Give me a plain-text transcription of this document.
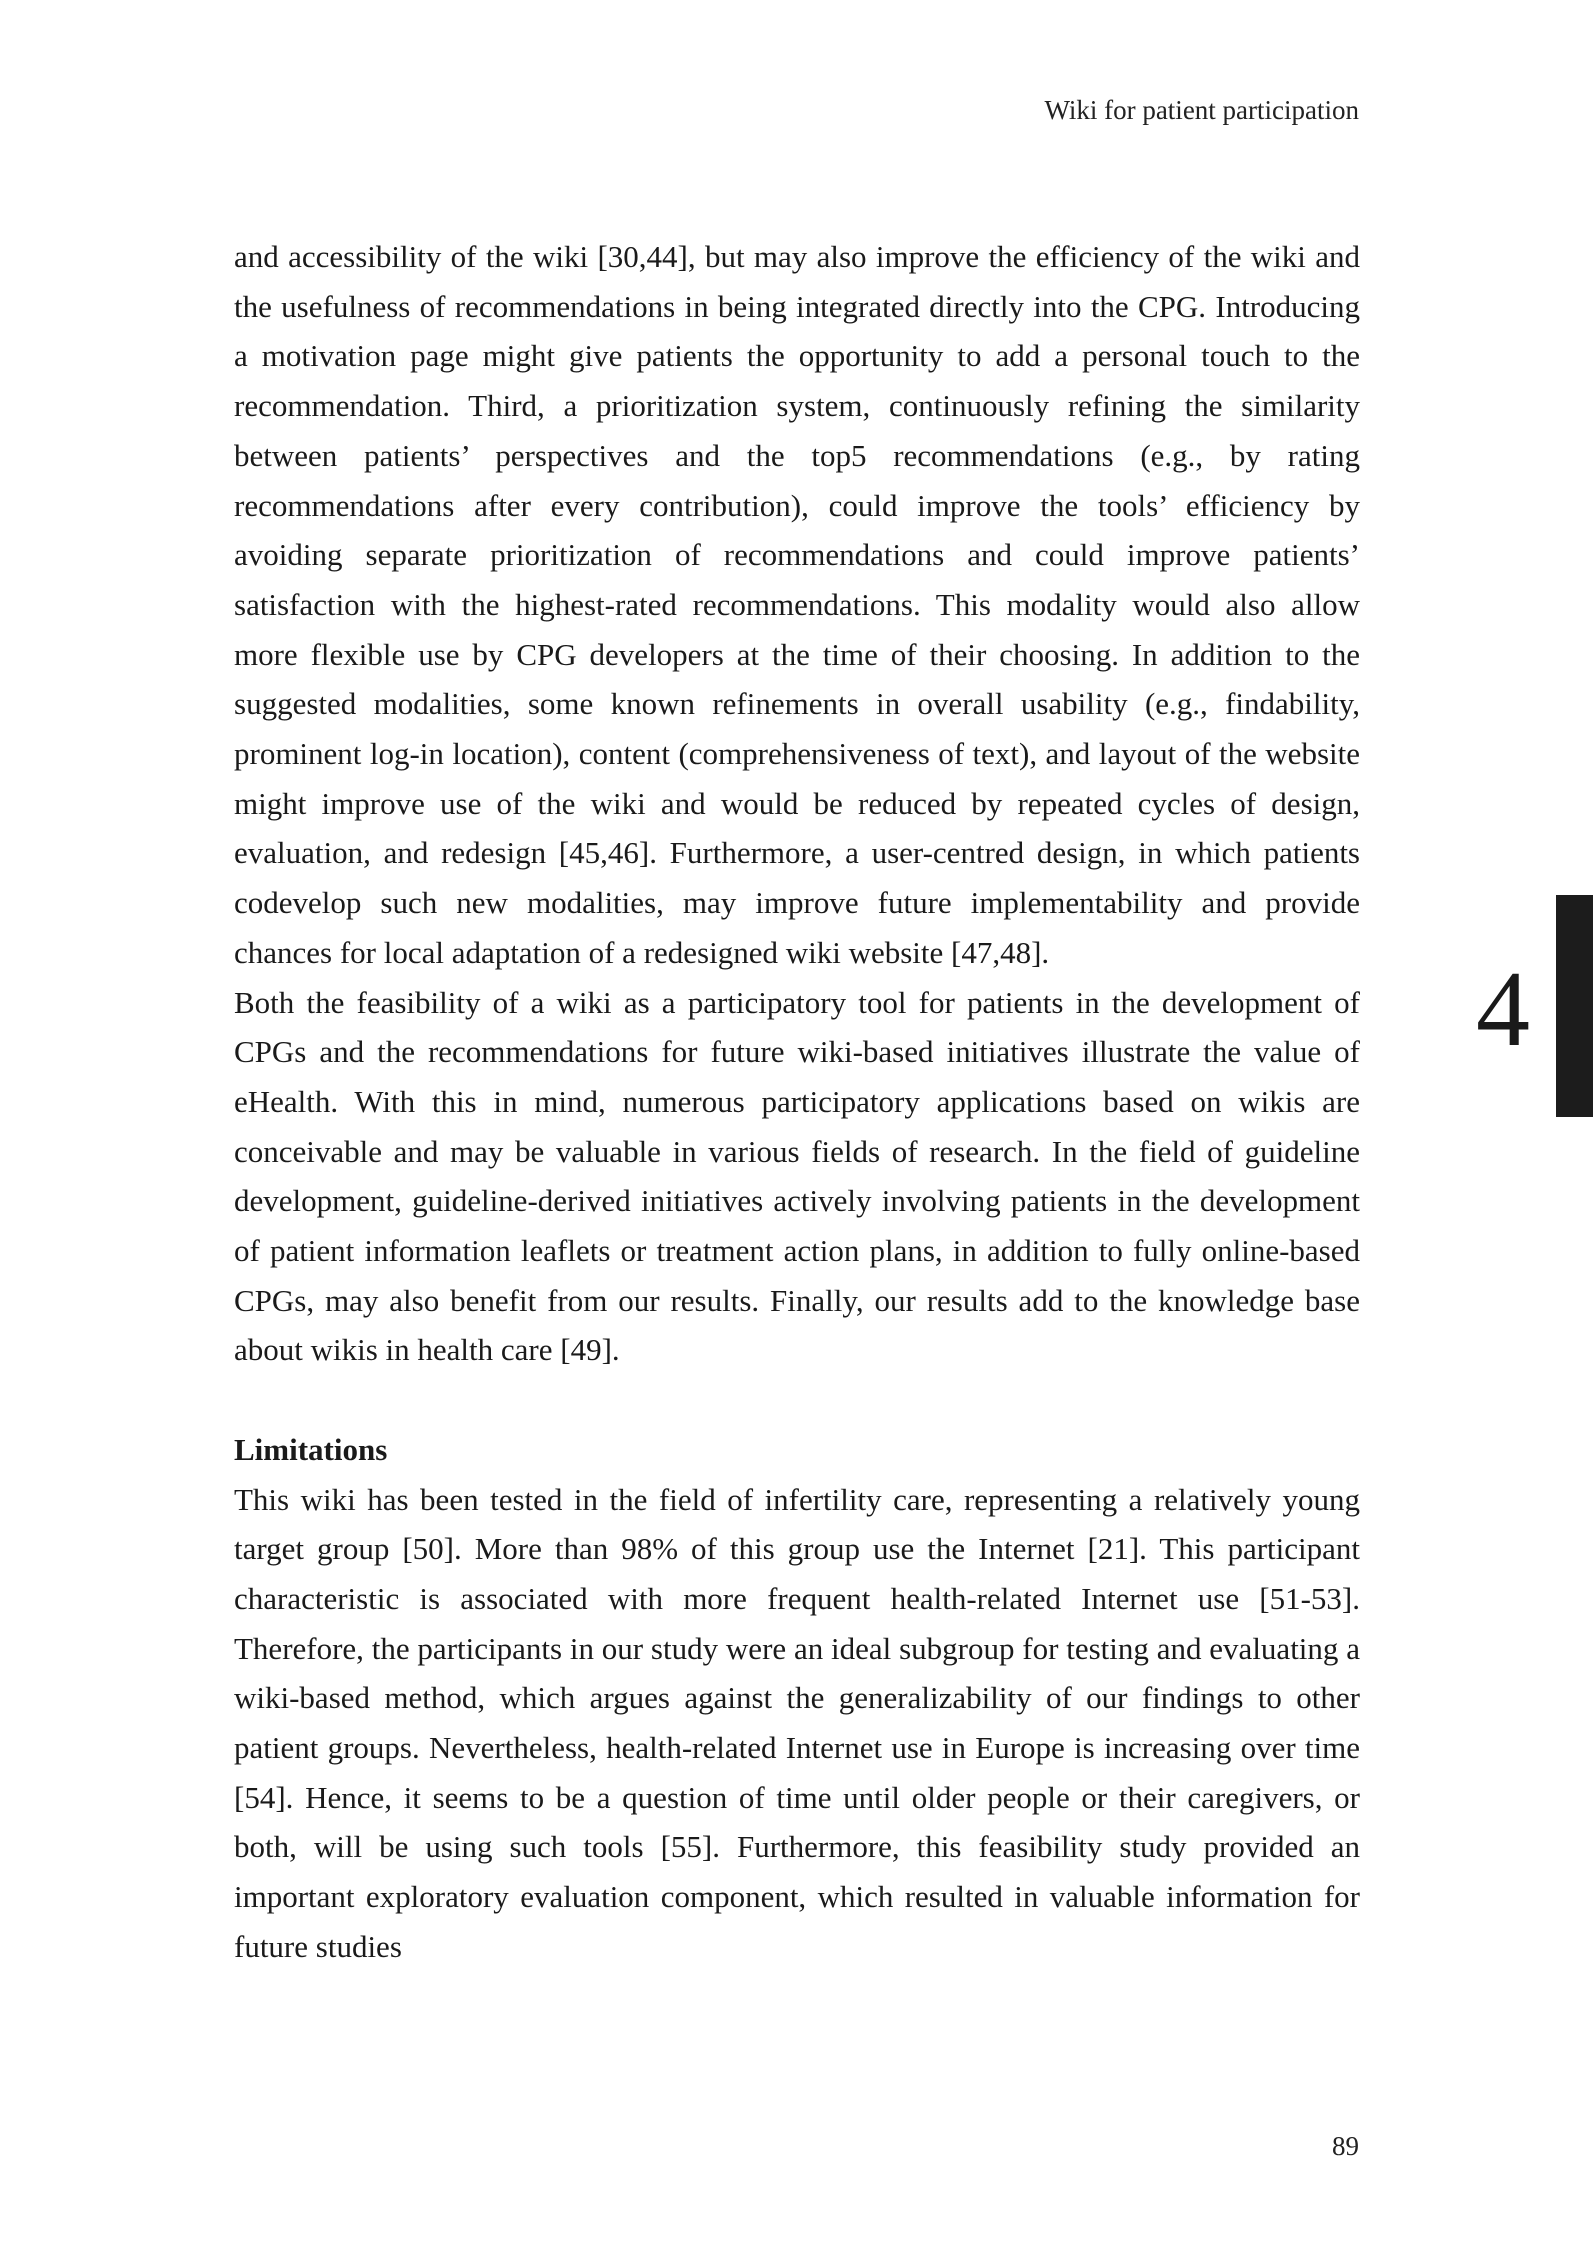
Wiki for patient participation
4

and accessibility of the wiki [30,44], but may also improve the efficiency of the wiki and the usefulness of recommendations in being integrated directly into the CPG. Introducing a motivation page might give patients the opportunity to add a personal touch to the recommendation. Third, a prioritization system, continuously refining the similarity between patients’ perspectives and the top5 recommendations (e.g., by rating recommendations after every contribution), could improve the tools’ efficiency by avoiding separate prioritization of recommendations and could improve patients’ satisfaction with the highest-rated recommendations. This modality would also allow more flexible use by CPG developers at the time of their choosing. In addition to the suggested modalities, some known refinements in overall usability (e.g., findability, prominent log-in location), content (comprehensiveness of text), and layout of the website might improve use of the wiki and would be reduced by repeated cycles of design, evaluation, and redesign [45,46]. Furthermore, a user-centred design, in which patients codevelop such new modalities, may improve future implementability and provide chances for local adaptation of a redesigned wiki website [47,48].

Both the feasibility of a wiki as a participatory tool for patients in the development of CPGs and the recommendations for future wiki-based initiatives illustrate the value of eHealth. With this in mind, numerous participatory applications based on wikis are conceivable and may be valuable in various fields of research. In the field of guideline development, guideline-derived initiatives actively involving patients in the development of patient information leaflets or treatment action plans, in addition to fully online-based CPGs, may also benefit from our results. Finally, our results add to the knowledge base about wikis in health care [49].

Limitations

This wiki has been tested in the field of infertility care, representing a relatively young target group [50]. More than 98% of this group use the Internet [21]. This participant characteristic is associated with more frequent health-related Internet use [51-53]. Therefore, the participants in our study were an ideal subgroup for testing and evaluating a wiki-based method, which argues against the generalizability of our findings to other patient groups. Nevertheless, health-related Internet use in Europe is increasing over time [54]. Hence, it seems to be a question of time until older people or their caregivers, or both, will be using such tools [55]. Furthermore, this feasibility study provided an important exploratory evaluation component, which resulted in valuable information for future studies

89
